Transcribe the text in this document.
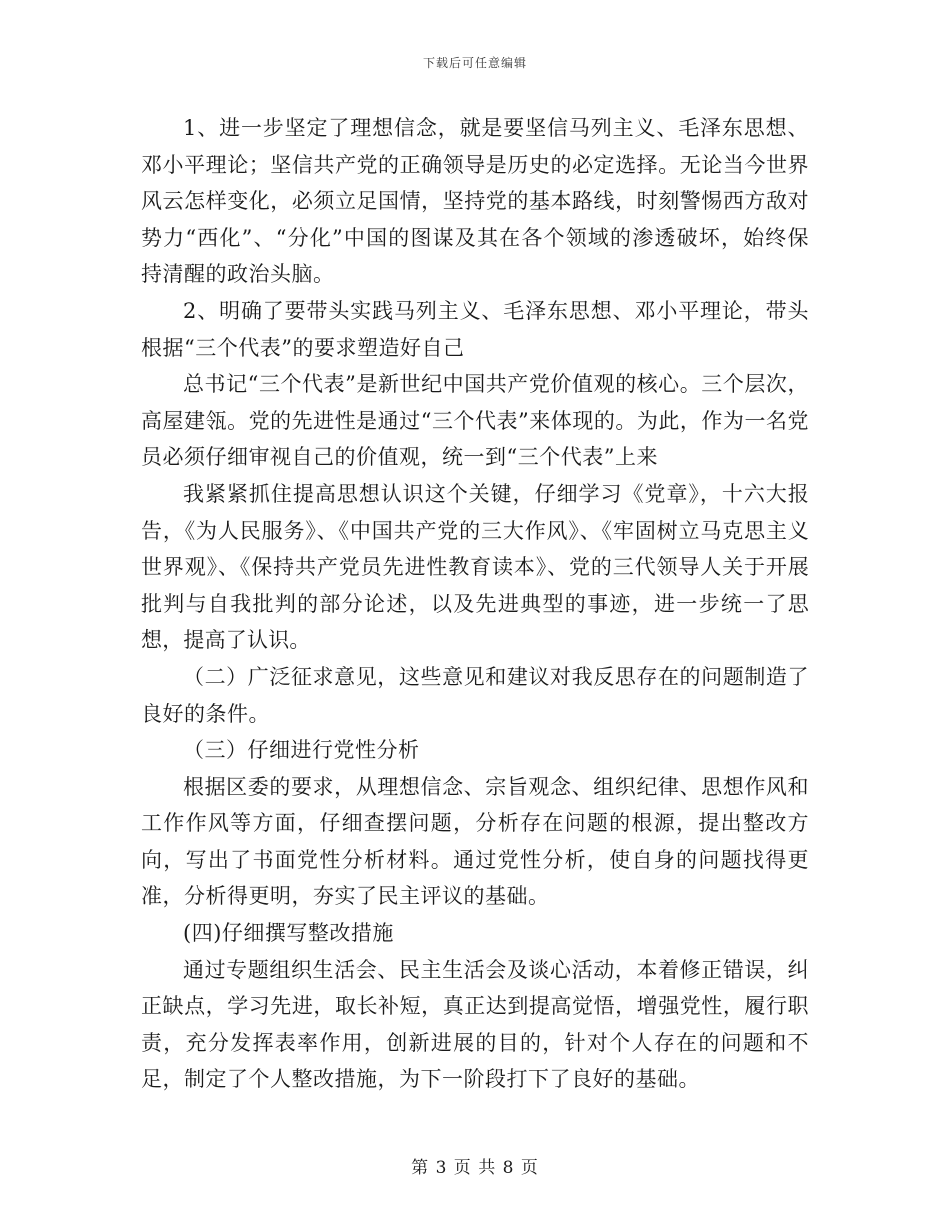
下载后可任意编辑

1、进一步坚定了理想信念，就是要坚信马列主义、毛泽东思想、邓小平理论；坚信共产党的正确领导是历史的必定选择。无论当今世界风云怎样变化，必须立足国情，坚持党的基本路线，时刻警惕西方敌对势力“西化”、“分化”中国的图谋及其在各个领域的渗透破坏，始终保持清醒的政治头脑。

2、明确了要带头实践马列主义、毛泽东思想、邓小平理论，带头根据“三个代表”的要求塑造好自己

总书记“三个代表”是新世纪中国共产党价值观的核心。三个层次，高屋建瓴。党的先进性是通过“三个代表”来体现的。为此，作为一名党员必须仔细审视自己的价值观，统一到“三个代表”上来

我紧紧抓住提高思想认识这个关键，仔细学习《党章》，十六大报告，《为人民服务》、《中国共产党的三大作风》、《牢固树立马克思主义世界观》、《保持共产党员先进性教育读本》、党的三代领导人关于开展批判与自我批判的部分论述，以及先进典型的事迹，进一步统一了思想，提高了认识。

（二）广泛征求意见，这些意见和建议对我反思存在的问题制造了良好的条件。

（三）仔细进行党性分析

根据区委的要求，从理想信念、宗旨观念、组织纪律、思想作风和工作作风等方面，仔细查摆问题，分析存在问题的根源，提出整改方向，写出了书面党性分析材料。通过党性分析，使自身的问题找得更准，分析得更明，夯实了民主评议的基础。

(四)仔细撰写整改措施

通过专题组织生活会、民主生活会及谈心活动，本着修正错误，纠正缺点，学习先进，取长补短，真正达到提高觉悟，增强党性，履行职责，充分发挥表率作用，创新进展的目的，针对个人存在的问题和不足，制定了个人整改措施，为下一阶段打下了良好的基础。

第 3 页 共 8 页
